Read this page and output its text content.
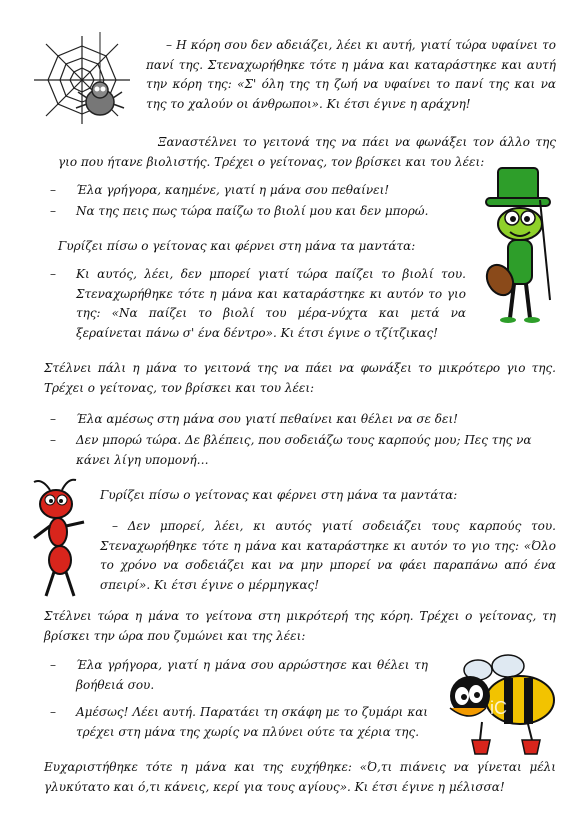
– Η κόρη σου δεν αδειάζει, λέει κι αυτή, γιατί τώρα υφαίνει το πανί της. Στεναχωρήθηκε τότε η μάνα και καταράστηκε και αυτή την κόρη της: «Σ' όλη της τη ζωή να υφαίνει το πανί της και να της το χαλούν οι άνθρωποι». Κι έτσι έγινε η αράχνη!

Ξαναστέλνει το γειτονά της να πάει να φωνάξει τον άλλο της γιο που ήτανε βιολιστής. Τρέχει ο γείτονας, τον βρίσκει και του λέει:

– Έλα γρήγορα, καημένε, γιατί η μάνα σου πεθαίνει!

– Να της πεις πως τώρα παίζω το βιολί μου και δεν μπορώ.

Γυρίζει πίσω ο γείτονας και φέρνει στη μάνα τα μαντάτα:

– Κι αυτός, λέει, δεν μπορεί γιατί τώρα παίζει το βιολί του. Στεναχωρήθηκε τότε η μάνα και καταράστηκε κι αυτόν το γιο της: «Να παίζει το βιολί του μέρα-νύχτα και μετά να ξεραίνεται πάνω σ' ένα δέντρο». Κι έτσι έγινε ο τζίτζικας!

Στέλνει πάλι η μάνα το γειτονά της να πάει να φωνάξει το μικρότερο γιο της. Τρέχει ο γείτονας, τον βρίσκει και του λέει:

– Έλα αμέσως στη μάνα σου γιατί πεθαίνει και θέλει να σε δει!

– Δεν μπορώ τώρα. Δε βλέπεις, που σοδειάζω τους καρπούς μου; Πες της να κάνει λίγη υπομονή…

Γυρίζει πίσω ο γείτονας και φέρνει στη μάνα τα μαντάτα:

– Δεν μπορεί, λέει, κι αυτός γιατί σοδειάζει τους καρπούς του. Στεναχωρήθηκε τότε η μάνα και καταράστηκε κι αυτόν το γιο της: «Όλο το χρόνο να σοδειάζει και να μην μπορεί να φάει παραπάνω από ένα σπειρί». Κι έτσι έγινε ο μέρμηγκας!

Στέλνει τώρα η μάνα το γείτονα στη μικρότερή της κόρη. Τρέχει ο γείτονας, τη βρίσκει την ώρα που ζυμώνει και της λέει:

– Έλα γρήγορα, γιατί η μάνα σου αρρώστησε και θέλει τη βοήθειά σου.

– Αμέσως! Λέει αυτή. Παρατάει τη σκάφη με το ζυμάρι και τρέχει στη μάνα της χωρίς να πλύνει ούτε τα χέρια της.

iC

Ευχαριστήθηκε τότε η μάνα και της ευχήθηκε: «Ό,τι πιάνεις να γίνεται μέλι γλυκύτατο και ό,τι κάνεις, κερί για τους αγίους». Κι έτσι έγινε η μέλισσα!
